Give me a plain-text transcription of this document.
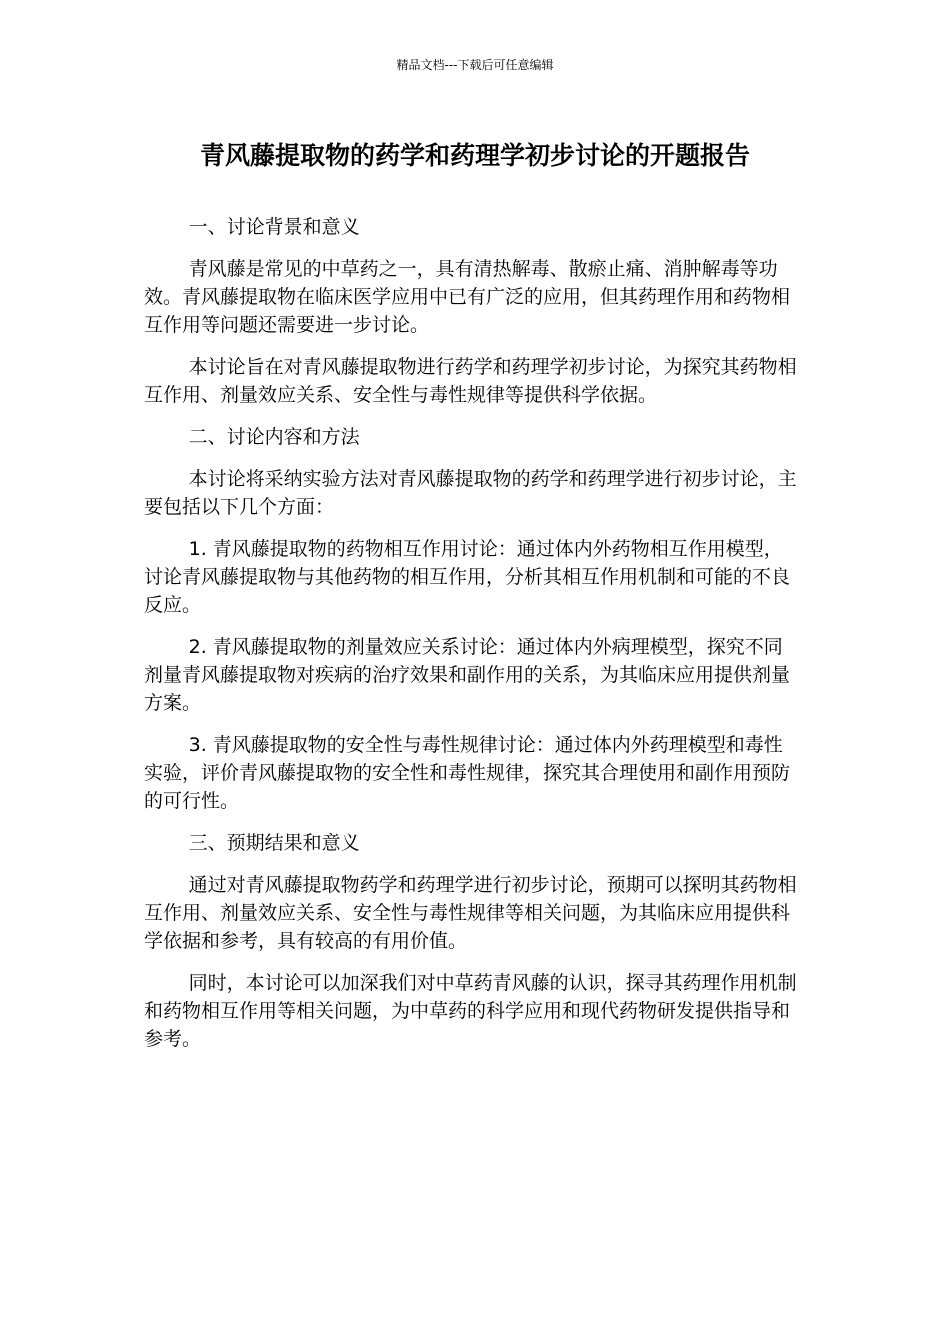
精品文档---下载后可任意编辑
青风藤提取物的药学和药理学初步讨论的开题报告

一、讨论背景和意义

青风藤是常见的中草药之一，具有清热解毒、散瘀止痛、消肿解毒等功效。青风藤提取物在临床医学应用中已有广泛的应用，但其药理作用和药物相互作用等问题还需要进一步讨论。

本讨论旨在对青风藤提取物进行药学和药理学初步讨论，为探究其药物相互作用、剂量效应关系、安全性与毒性规律等提供科学依据。

二、讨论内容和方法

本讨论将采纳实验方法对青风藤提取物的药学和药理学进行初步讨论，主要包括以下几个方面：

1. 青风藤提取物的药物相互作用讨论：通过体内外药物相互作用模型，讨论青风藤提取物与其他药物的相互作用，分析其相互作用机制和可能的不良反应。

2. 青风藤提取物的剂量效应关系讨论：通过体内外病理模型，探究不同剂量青风藤提取物对疾病的治疗效果和副作用的关系，为其临床应用提供剂量方案。

3. 青风藤提取物的安全性与毒性规律讨论：通过体内外药理模型和毒性实验，评价青风藤提取物的安全性和毒性规律，探究其合理使用和副作用预防的可行性。

三、预期结果和意义

通过对青风藤提取物药学和药理学进行初步讨论，预期可以探明其药物相互作用、剂量效应关系、安全性与毒性规律等相关问题，为其临床应用提供科学依据和参考，具有较高的有用价值。

同时，本讨论可以加深我们对中草药青风藤的认识，探寻其药理作用机制和药物相互作用等相关问题，为中草药的科学应用和现代药物研发提供指导和参考。
